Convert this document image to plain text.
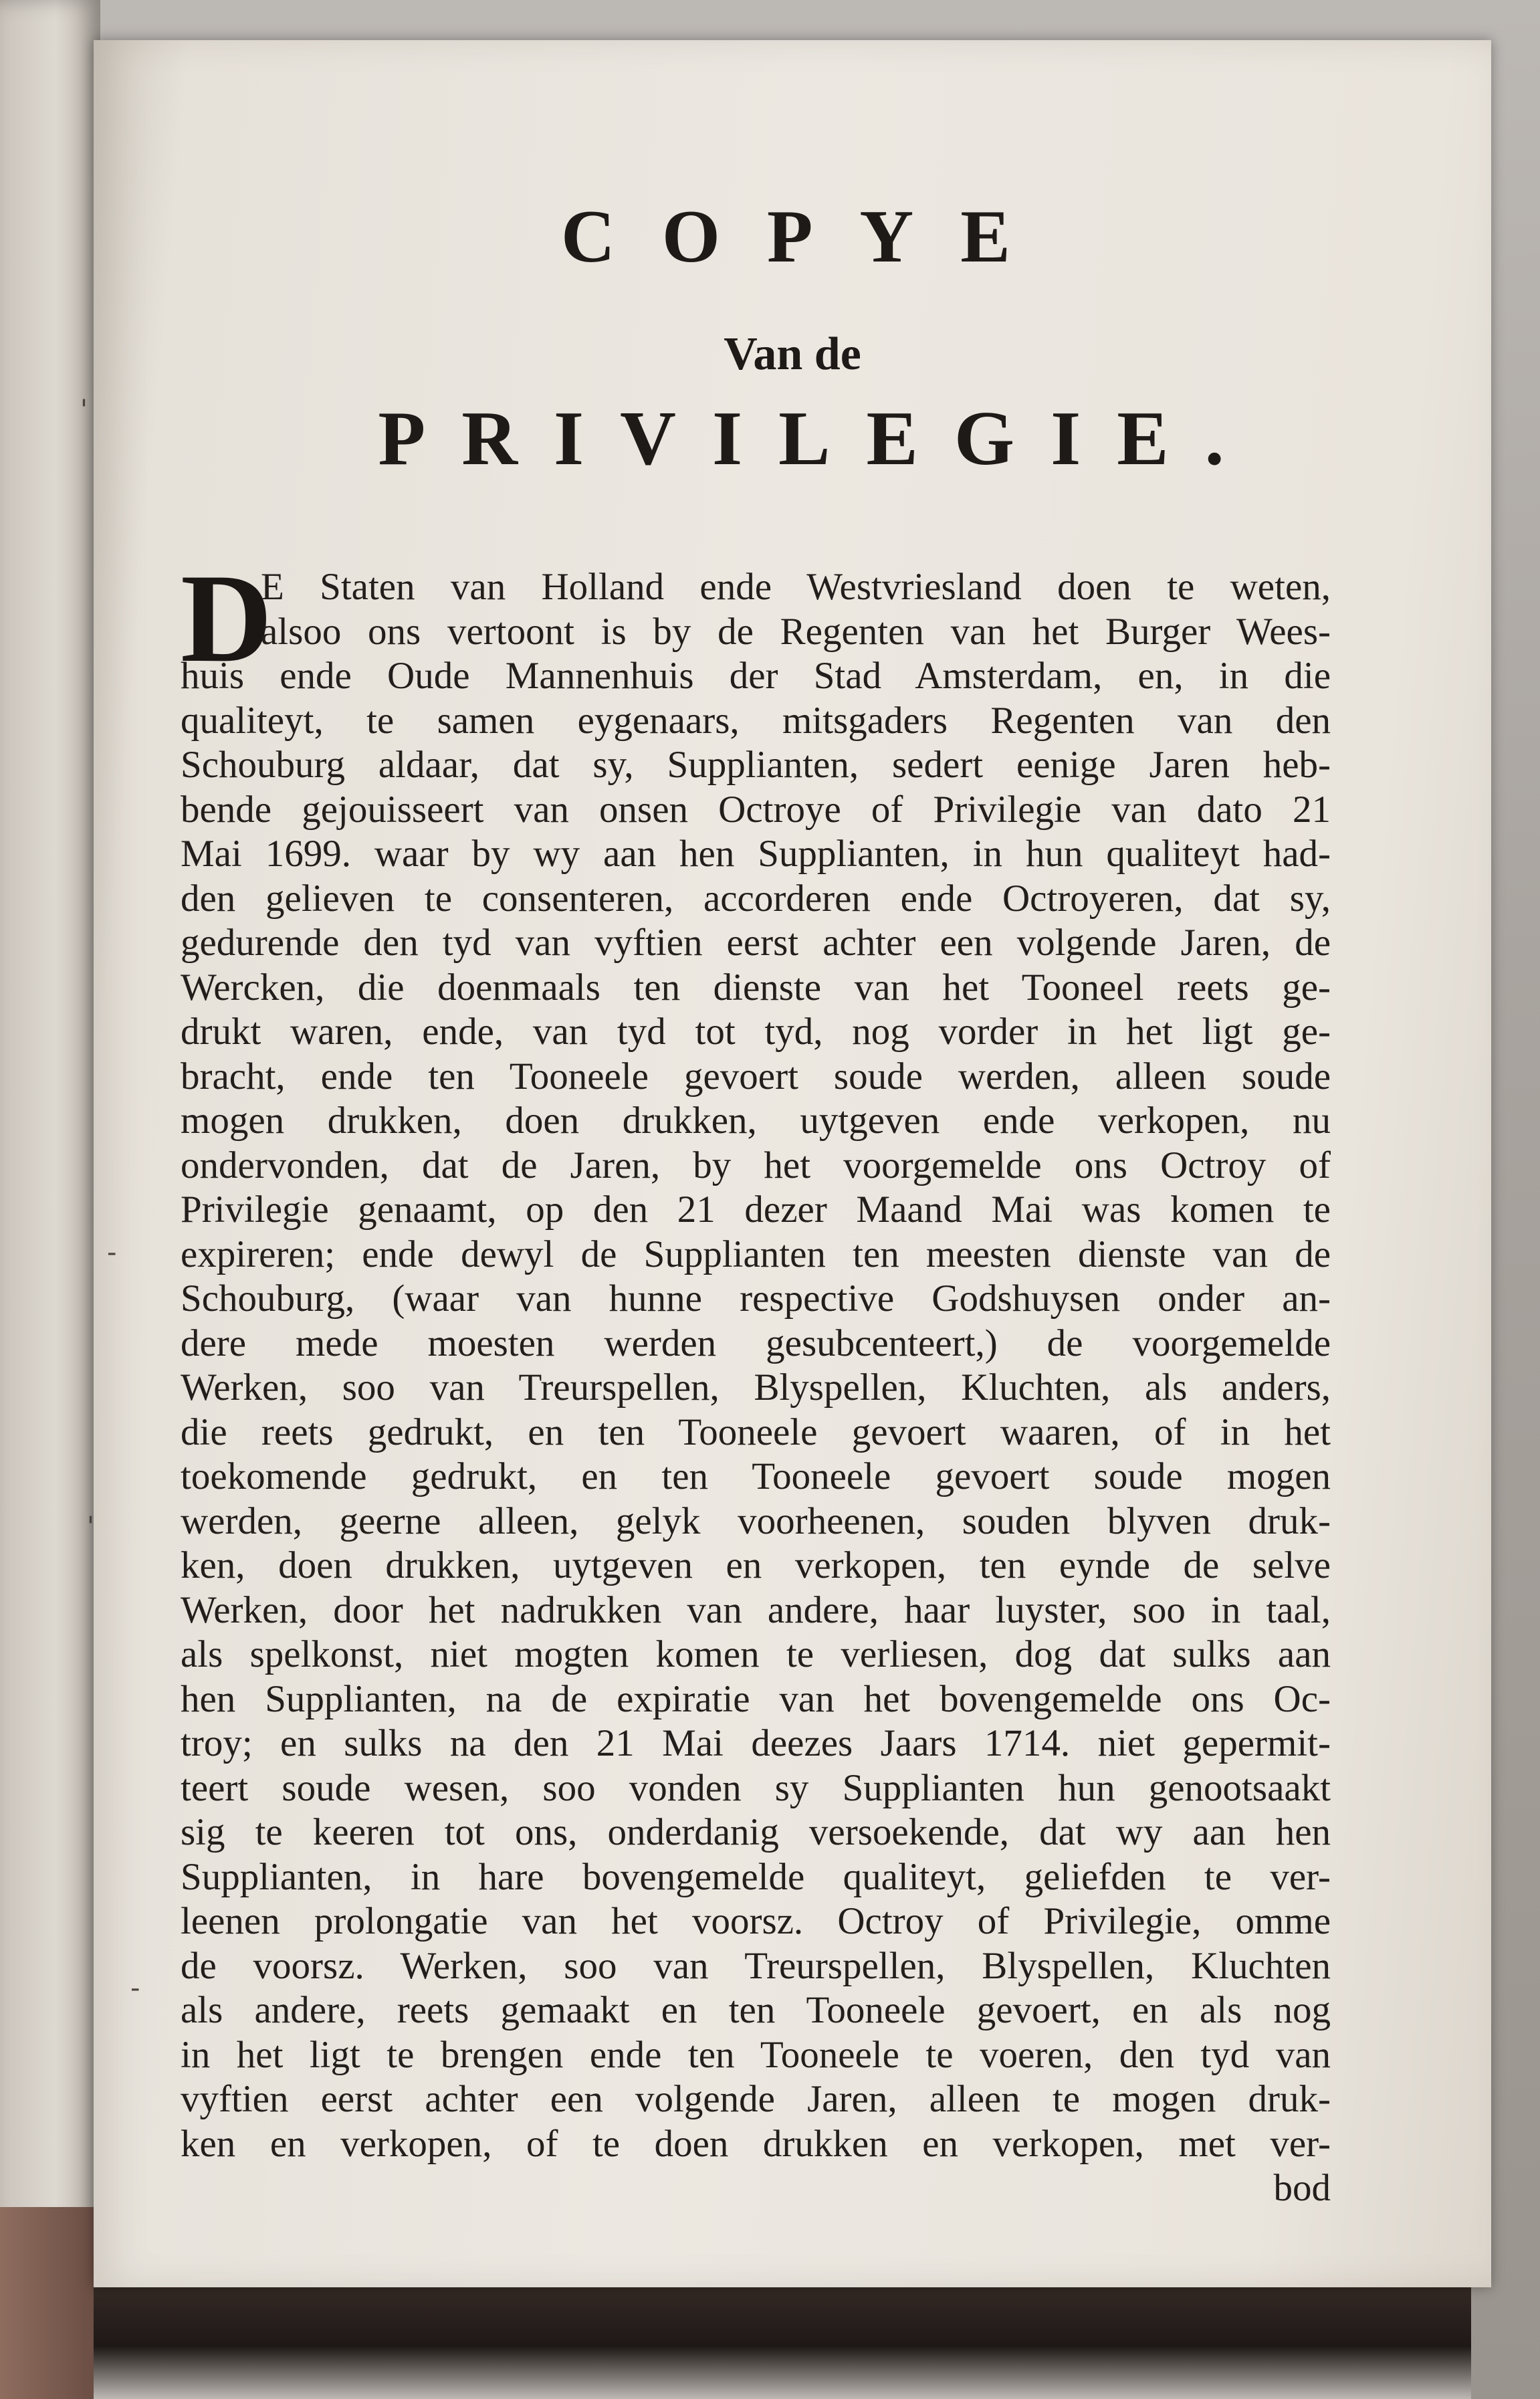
COPYE
Van de
PRIVILEGIE.
'
-
'
-
D
E Staten van Holland ende Westvriesland doen te weten,
alsoo ons vertoont is by de Regenten van het Burger Wees-
huis ende Oude Mannenhuis der Stad Amsterdam, en, in die
qualiteyt, te samen eygenaars, mitsgaders Regenten van den
Schouburg aldaar, dat sy, Supplianten, sedert eenige Jaren heb-
bende gejouisseert van onsen Octroye of Privilegie van dato 21
Mai 1699. waar by wy aan hen Supplianten, in hun qualiteyt had-
den gelieven te consenteren, accorderen ende Octroyeren, dat sy,
gedurende den tyd van vyftien eerst achter een volgende Jaren, de
Wercken, die doenmaals ten dienste van het Tooneel reets ge-
drukt waren, ende, van tyd tot tyd, nog vorder in het ligt ge-
bracht, ende ten Tooneele gevoert soude werden, alleen soude
mogen drukken, doen drukken, uytgeven ende verkopen, nu
ondervonden, dat de Jaren, by het voorgemelde ons Octroy of
Privilegie genaamt, op den 21 dezer Maand Mai was komen te
expireren; ende dewyl de Supplianten ten meesten dienste van de
Schouburg, (waar van hunne respective Godshuysen onder an-
dere mede moesten werden gesubcenteert,) de voorgemelde
Werken, soo van Treurspellen, Blyspellen, Kluchten, als anders,
die reets gedrukt, en ten Tooneele gevoert waaren, of in het
toekomende gedrukt, en ten Tooneele gevoert soude mogen
werden, geerne alleen, gelyk voorheenen, souden blyven druk-
ken, doen drukken, uytgeven en verkopen, ten eynde de selve
Werken, door het nadrukken van andere, haar luyster, soo in taal,
als spelkonst, niet mogten komen te verliesen, dog dat sulks aan
hen Supplianten, na de expiratie van het bovengemelde ons Oc-
troy; en sulks na den 21 Mai deezes Jaars 1714. niet gepermit-
teert soude wesen, soo vonden sy Supplianten hun genootsaakt
sig te keeren tot ons, onderdanig versoekende, dat wy aan hen
Supplianten, in hare bovengemelde qualiteyt, geliefden te ver-
leenen prolongatie van het voorsz. Octroy of Privilegie, omme
de voorsz. Werken, soo van Treurspellen, Blyspellen, Kluchten
als andere, reets gemaakt en ten Tooneele gevoert, en als nog
in het ligt te brengen ende ten Tooneele te voeren, den tyd van
vyftien eerst achter een volgende Jaren, alleen te mogen druk-
ken en verkopen, of te doen drukken en verkopen, met ver-
bod
